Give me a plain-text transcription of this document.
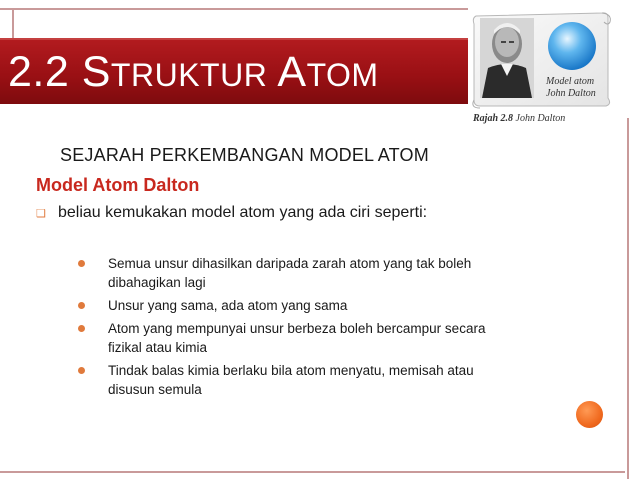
2.2 STRUKTUR ATOM	Model atom
John Dalton
Rajah 2.8 John Dalton
SEJARAH PERKEMBANGAN MODEL ATOM
Model Atom Dalton
❑ beliau kemukakan model atom yang ada ciri seperti:
Semua unsur dihasilkan daripada zarah atom yang tak boleh
dibahagikan lagi
Unsur yang sama, ada atom yang sama
Atom yang mempunyai unsur berbeza boleh bercampur secara
fizikal atau kimia
Tindak balas kimia berlaku bila atom menyatu, memisah atau
disusun semula
